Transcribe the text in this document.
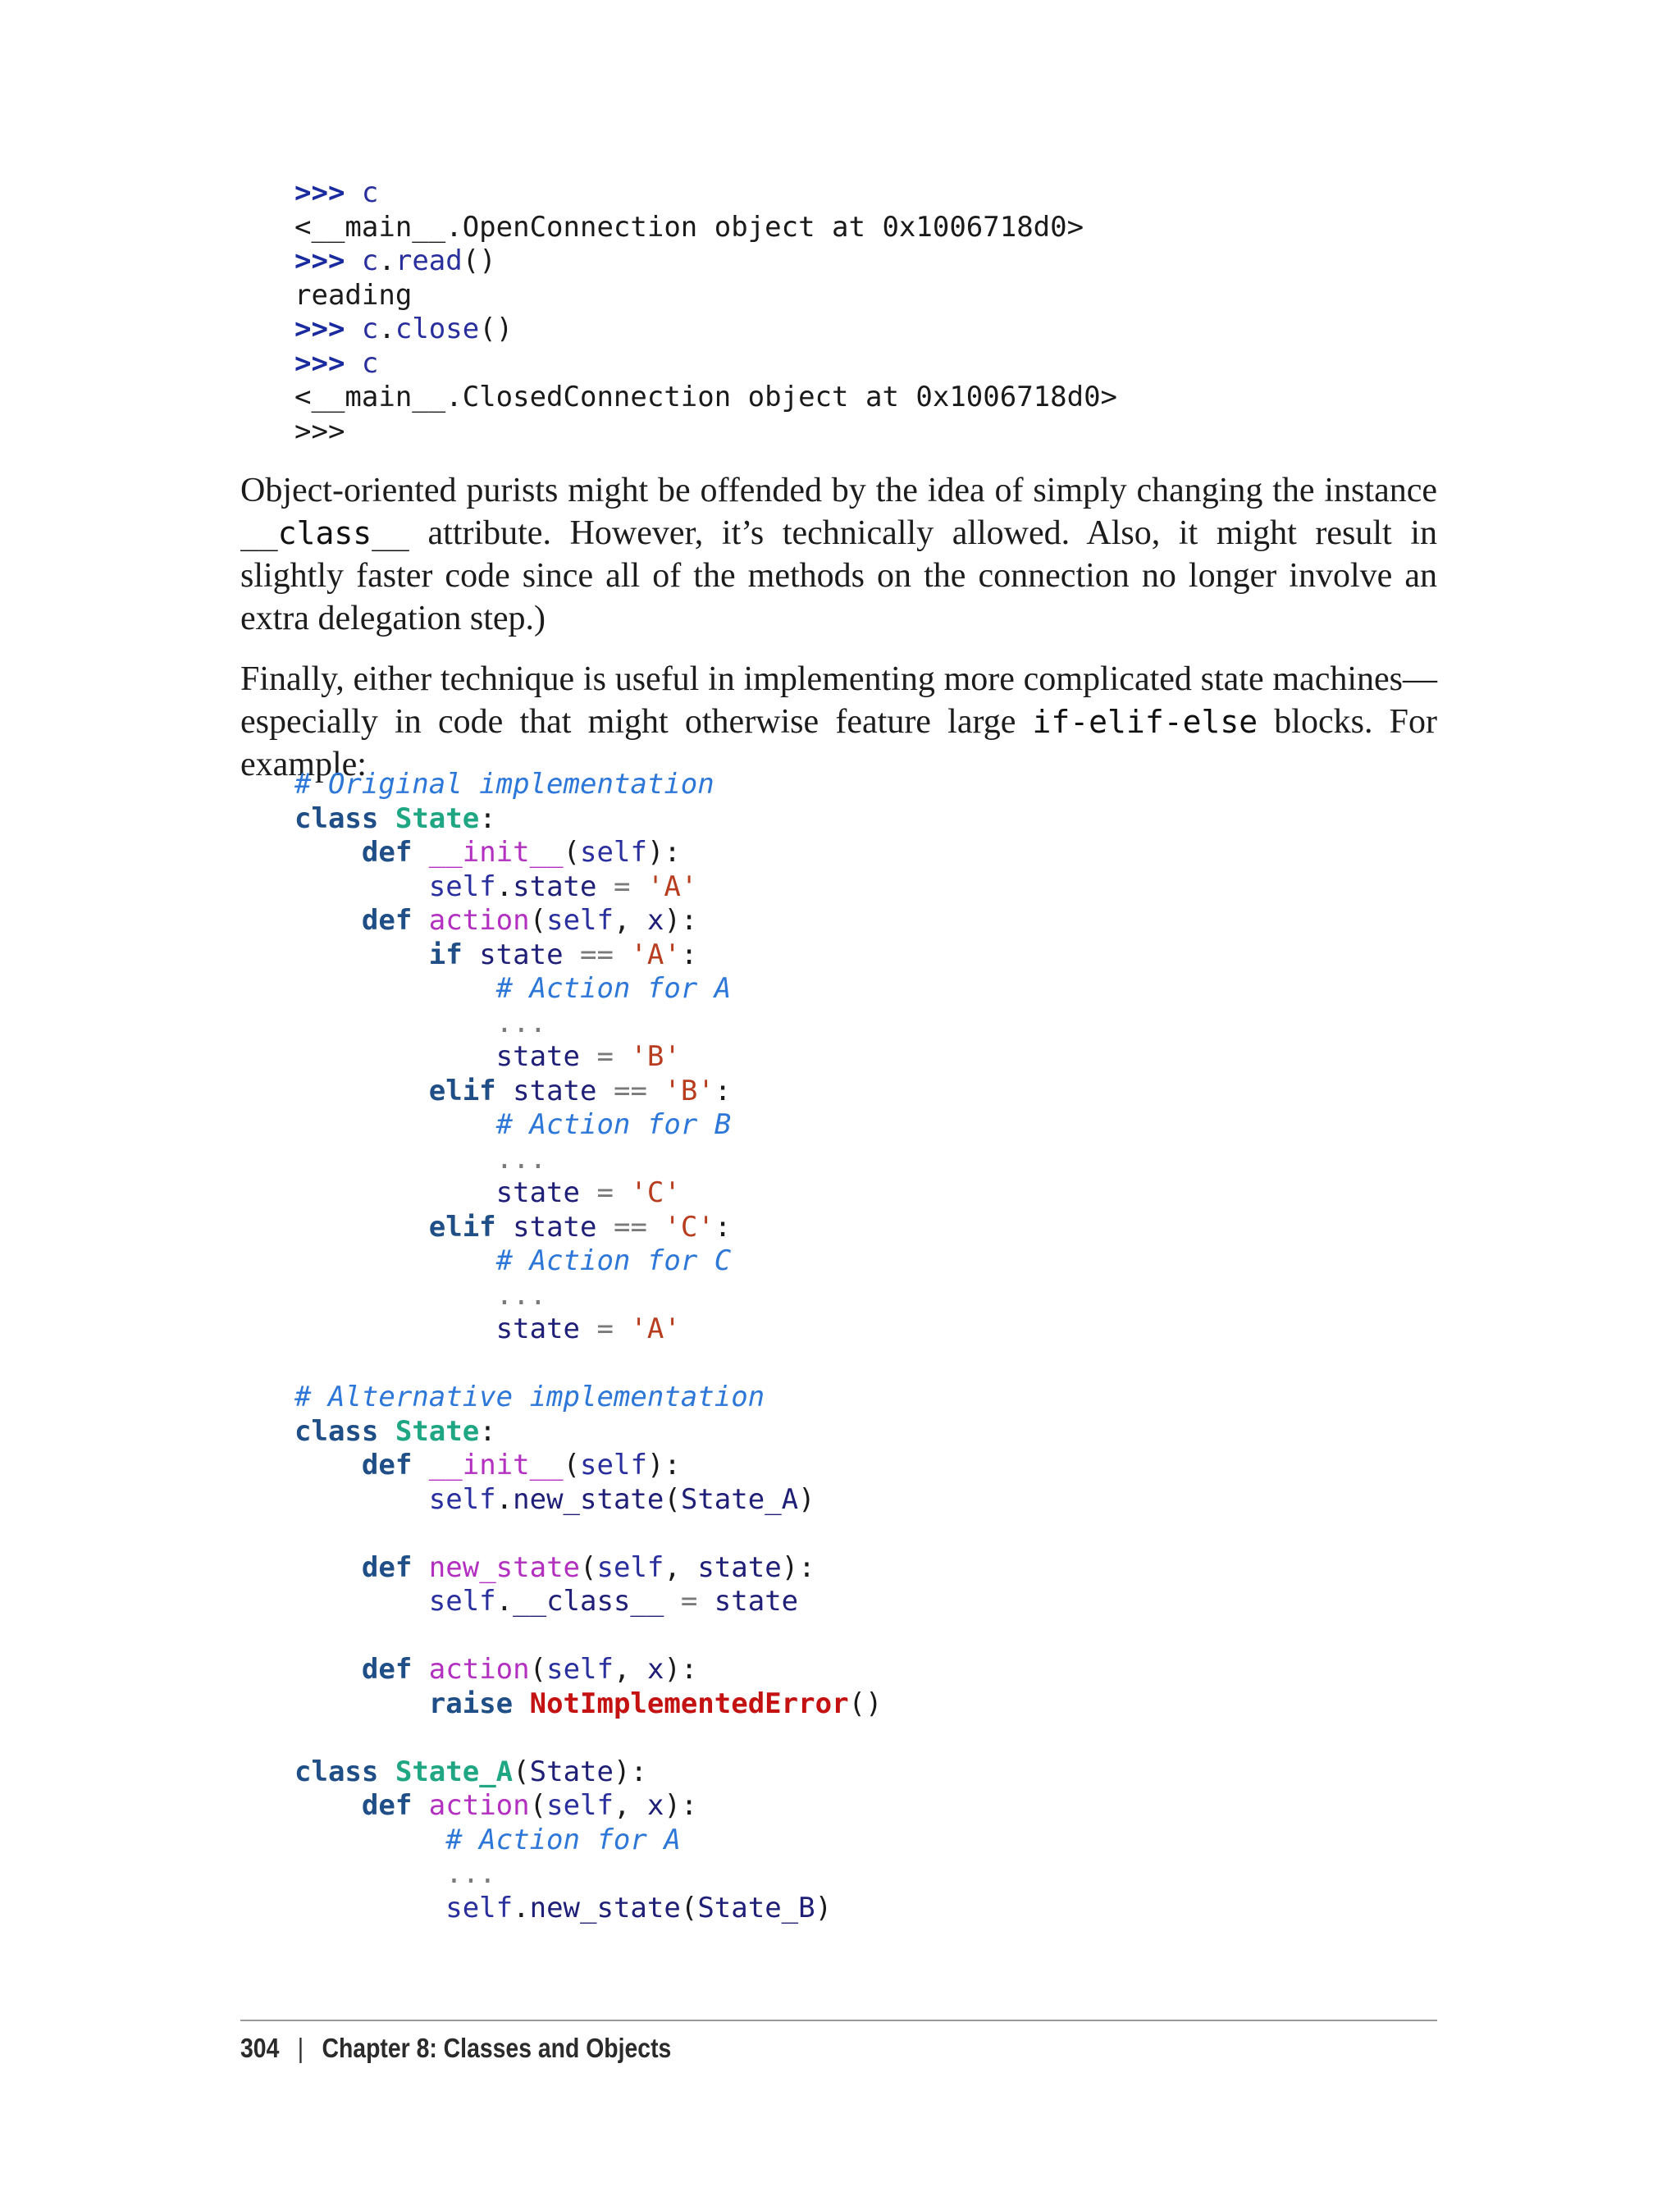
>>> c
<__main__.OpenConnection object at 0x1006718d0>
>>> c.read()
reading
>>> c.close()
>>> c
<__main__.ClosedConnection object at 0x1006718d0>
>>>

Object-oriented purists might be offended by the idea of simply changing the instance __class__ attribute. However, it’s technically allowed. Also, it might result in slightly faster code since all of the methods on the connection no longer involve an extra delegation step.)

Finally, either technique is useful in implementing more complicated state machines—especially in code that might otherwise feature large if-elif-else blocks. For example:

# Original implementation
class State:
def __init__(self):
self.state = 'A'
def action(self, x):
if state == 'A':
# Action for A
...
state = 'B'
elif state == 'B':
# Action for B
...
state = 'C'
elif state == 'C':
# Action for C
...
state = 'A'

# Alternative implementation
class State:
def __init__(self):
self.new_state(State_A)

def new_state(self, state):
self.__class__ = state

def action(self, x):
raise NotImplementedError()

class State_A(State):
def action(self, x):
# Action for A
...
self.new_state(State_B)
304 | Chapter 8: Classes and Objects
